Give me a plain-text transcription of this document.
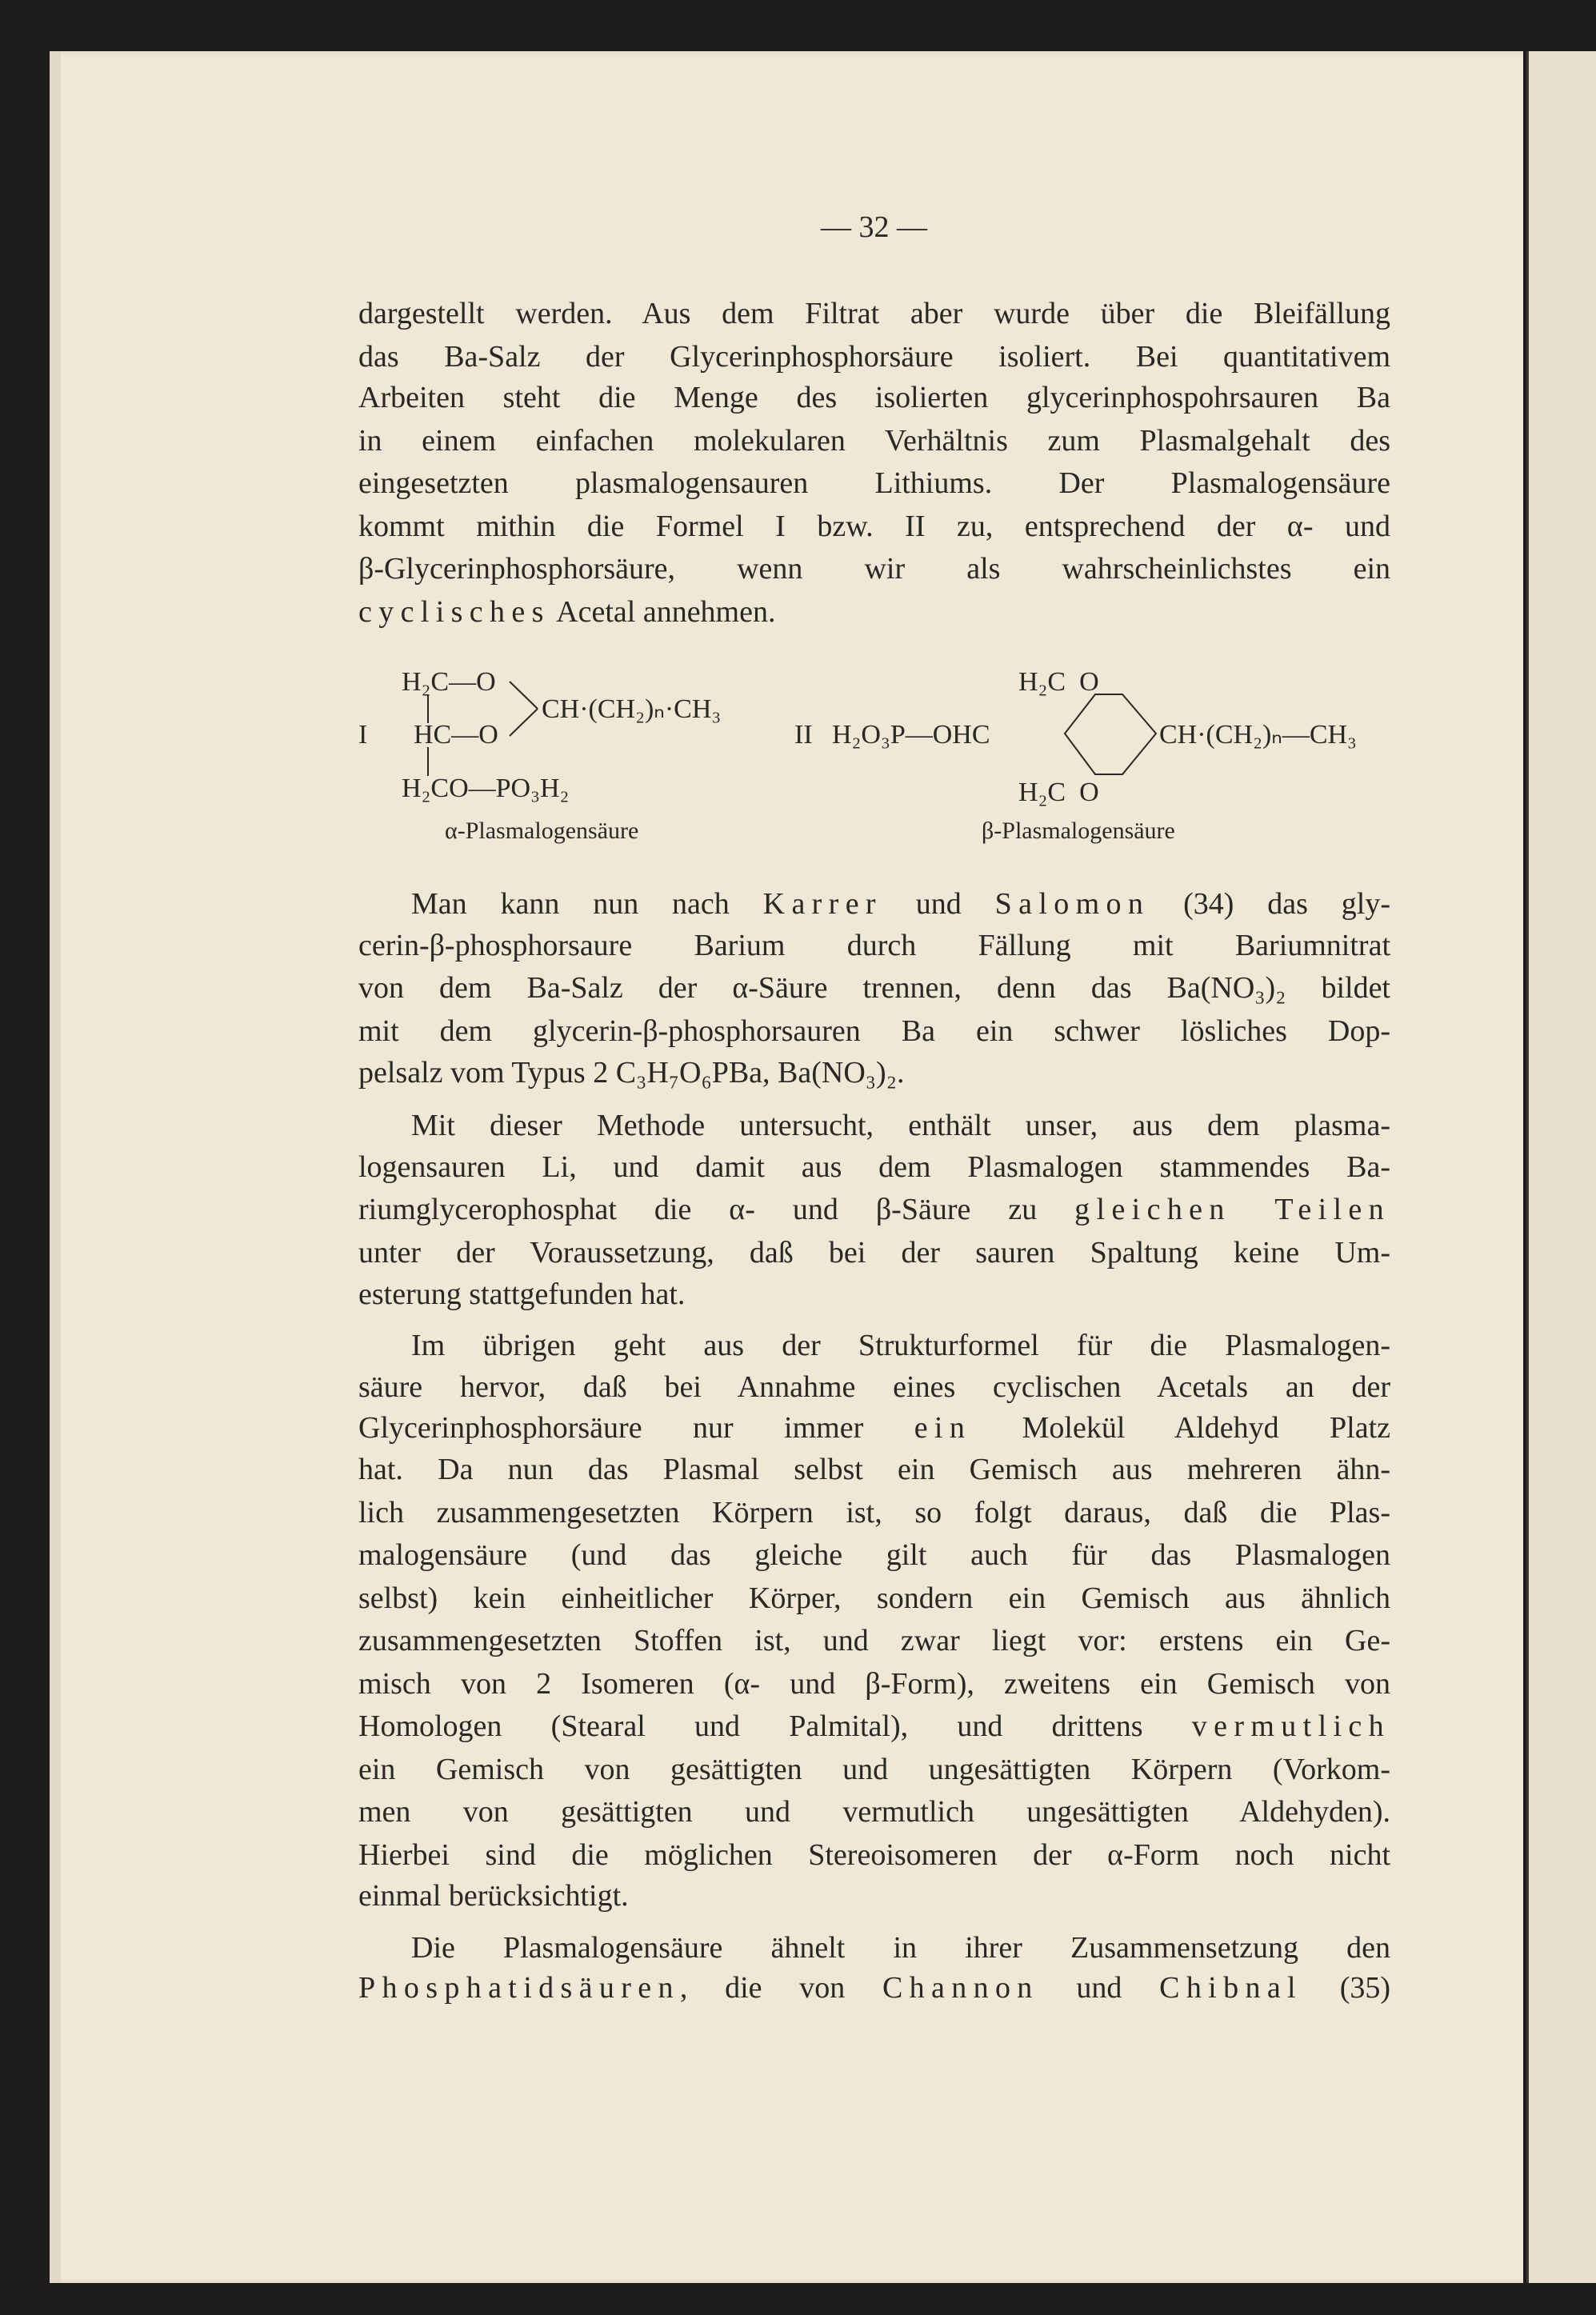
— 32 —
dargestellt werden. Aus dem Filtrat aber wurde über die Bleifällung
das Ba-Salz der Glycerinphosphorsäure isoliert. Bei quantitativem
Arbeiten steht die Menge des isolierten glycerinphospohrsauren Ba
in einem einfachen molekularen Verhältnis zum Plasmalgehalt des
eingesetzten plasmalogensauren Lithiums. Der Plasmalogensäure
kommt mithin die Formel I bzw. II zu, entsprechend der α- und
β-Glycerinphosphorsäure, wenn wir als wahrscheinlichstes ein
cyclisches Acetal annehmen.
Man kann nun nach Karrer und Salomon (34) das gly-
cerin-β-phosphorsaure Barium durch Fällung mit Bariumnitrat
von dem Ba-Salz der α-Säure trennen, denn das Ba(NO₃)₂ bildet
mit dem glycerin-β-phosphorsauren Ba ein schwer lösliches Dop-
pelsalz vom Typus 2 C₃H₇O₆PBa, Ba(NO₃)₂.
Mit dieser Methode untersucht, enthält unser, aus dem plasma-
logensauren Li, und damit aus dem Plasmalogen stammendes Ba-
riumglycerophosphat die α- und β-Säure zu gleichen Teilen
unter der Voraussetzung, daß bei der sauren Spaltung keine Um-
esterung stattgefunden hat.
Im übrigen geht aus der Strukturformel für die Plasmalogen-
säure hervor, daß bei Annahme eines cyclischen Acetals an der
Glycerinphosphorsäure nur immer ein Molekül Aldehyd Platz
hat. Da nun das Plasmal selbst ein Gemisch aus mehreren ähn-
lich zusammengesetzten Körpern ist, so folgt daraus, daß die Plas-
malogensäure (und das gleiche gilt auch für das Plasmalogen
selbst) kein einheitlicher Körper, sondern ein Gemisch aus ähnlich
zusammengesetzten Stoffen ist, und zwar liegt vor: erstens ein Ge-
misch von 2 Isomeren (α- und β-Form), zweitens ein Gemisch von
Homologen (Stearal und Palmital), und drittens vermutlich
ein Gemisch von gesättigten und ungesättigten Körpern (Vorkom-
men von gesättigten und vermutlich ungesättigten Aldehyden).
Hierbei sind die möglichen Stereoisomeren der α-Form noch nicht
einmal berücksichtigt.
Die Plasmalogensäure ähnelt in ihrer Zusammensetzung den
Phosphatidsäuren, die von Channon und Chibnal (35)
H₂C—O
CH·(CH₂)ₙ·CH₃
I HC—O
H₂CO—PO₃H₂
α-Plasmalogensäure
H₂C  O
II H₂O₃P—OHC	CH·(CH₂)ₙ—CH₃
H₂C  O
β-Plasmalogensäure
